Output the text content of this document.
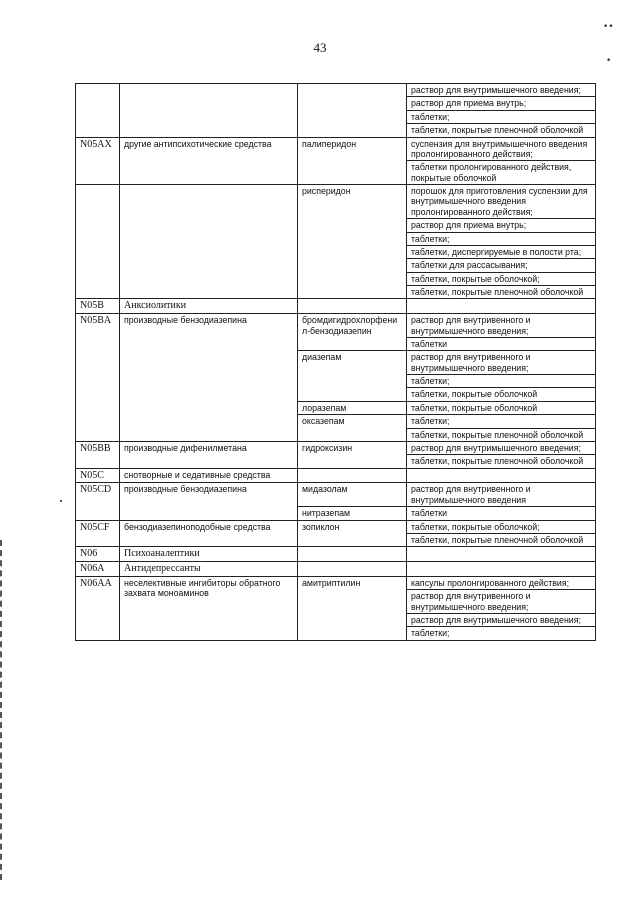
43
••
•
			раствор для внутримышечного введения;
			раствор для приема внутрь;
			таблетки;
			таблетки, покрытые пленочной оболочкой
N05AX	другие антипсихотические средства	палиперидон	суспензия для внутримышечного введения пролонгированного действия;
			таблетки пролонгированного действия, покрытые оболочкой
		рисперидон	порошок для приготовления суспензии для внутримышечного введения пролонгированного действия;
			раствор для приема внутрь;
			таблетки;
			таблетки, диспергируемые в полости рта;
			таблетки для рассасывания;
			таблетки, покрытые оболочкой;
			таблетки, покрытые пленочной оболочкой
N05B	Анксиолитики		
N05BA	производные бензодиазепина	бромдигидрохлорфенил-бензодиазепин	раствор для внутривенного и внутримышечного введения;
			таблетки
		диазепам	раствор для внутривенного и внутримышечного введения;
			таблетки;
			таблетки, покрытые оболочкой
		лоразепам	таблетки, покрытые оболочкой
		оксазепам	таблетки;
			таблетки, покрытые пленочной оболочкой
N05BB	производные дифенилметана	гидроксизин	раствор для внутримышечного введения;
			таблетки, покрытые пленочной оболочкой
N05C	снотворные и седативные средства		
N05CD	производные бензодиазепина	мидазолам	раствор для внутривенного и внутримышечного введения
		нитразепам	таблетки
N05CF	бензодиазепиноподобные средства	зопиклон	таблетки, покрытые оболочкой;
			таблетки, покрытые пленочной оболочкой
N06	Психоаналептики		
N06A	Антидепрессанты		
N06AA	неселективные ингибиторы обратного захвата моноаминов	амитриптилин	капсулы пролонгированного действия;
			раствор для внутривенного и внутримышечного введения;
			раствор для внутримышечного введения;
			таблетки;
